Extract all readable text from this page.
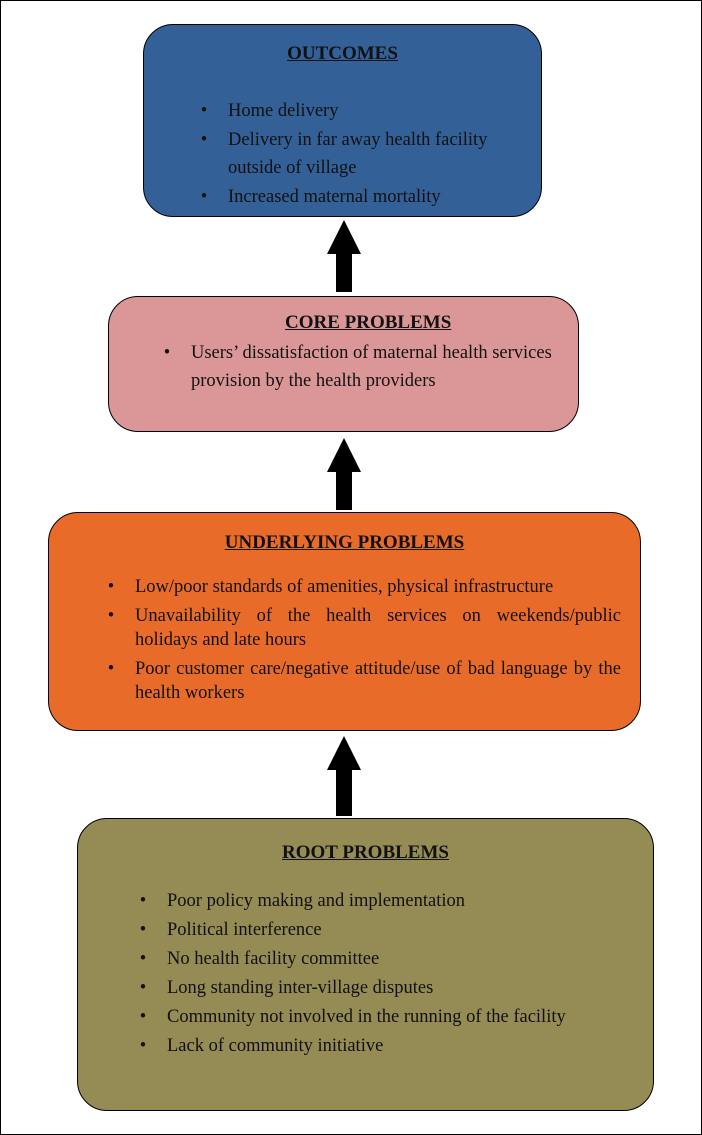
OUTCOMES
• Home delivery
• Delivery in far away health facility outside of village
• Increased maternal mortality
CORE PROBLEMS
• Users’ dissatisfaction of maternal health services provision by the health providers
UNDERLYING PROBLEMS
• Low/poor standards of amenities, physical infrastructure
• Unavailability of the health services on weekends/public holidays and late hours
• Poor customer care/negative attitude/use of bad language by the health workers
ROOT PROBLEMS
• Poor policy making and implementation
• Political interference
• No health facility committee
• Long standing inter-village disputes
• Community not involved in the running of the facility
• Lack of community initiative
